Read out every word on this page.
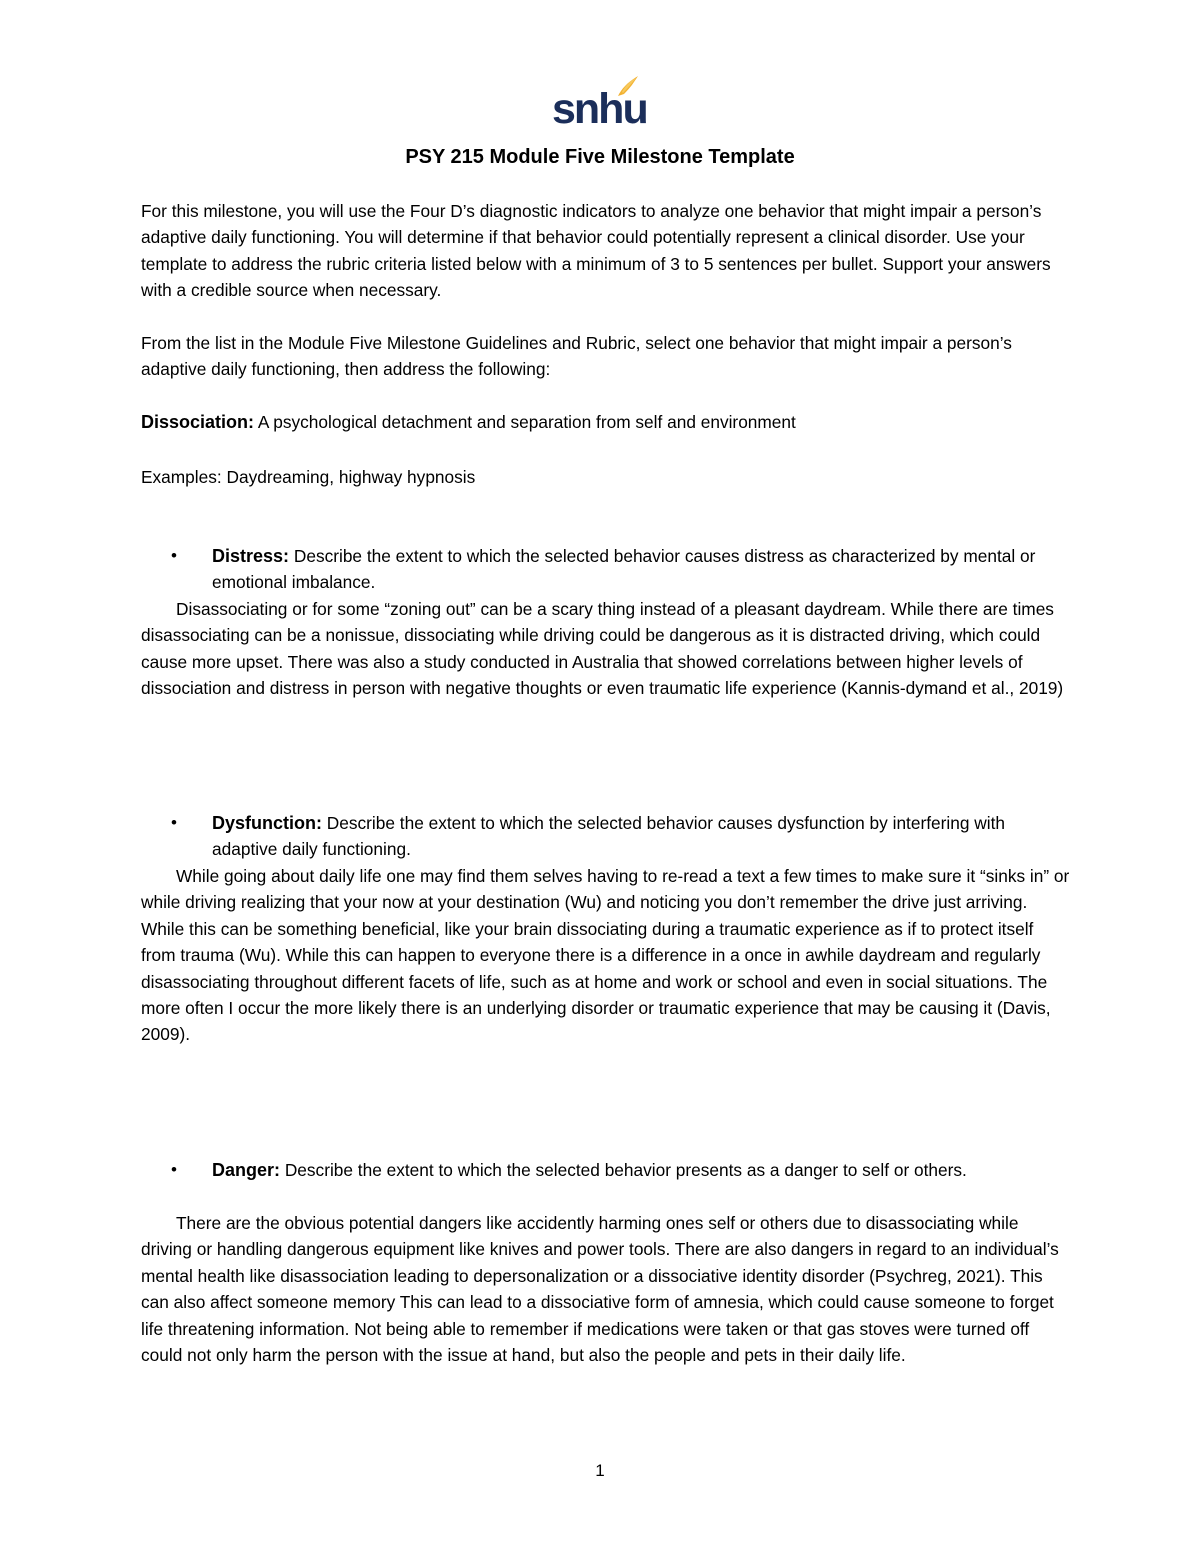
snhu
PSY 215 Module Five Milestone Template

For this milestone, you will use the Four D’s diagnostic indicators to analyze one behavior that might impair a person’s adaptive daily functioning. You will determine if that behavior could potentially represent a clinical disorder. Use your template to address the rubric criteria listed below with a minimum of 3 to 5 sentences per bullet. Support your answers with a credible source when necessary.

From the list in the Module Five Milestone Guidelines and Rubric, select one behavior that might impair a person’s adaptive daily functioning, then address the following:

Dissociation: A psychological detachment and separation from self and environment

Examples: Daydreaming, highway hypnosis

• Distress: Describe the extent to which the selected behavior causes distress as characterized by mental or emotional imbalance.

Disassociating or for some “zoning out” can be a scary thing instead of a pleasant daydream. While there are times disassociating can be a nonissue, dissociating while driving could be dangerous as it is distracted driving, which could cause more upset. There was also a study conducted in Australia that showed correlations between higher levels of dissociation and distress in person with negative thoughts or even traumatic life experience (Kannis-dymand et al., 2019)

• Dysfunction: Describe the extent to which the selected behavior causes dysfunction by interfering with adaptive daily functioning.

While going about daily life one may find them selves having to re-read a text a few times to make sure it “sinks in” or while driving realizing that your now at your destination (Wu) and noticing you don’t remember the drive just arriving. While this can be something beneficial, like your brain dissociating during a traumatic experience as if to protect itself from trauma (Wu). While this can happen to everyone there is a difference in a once in awhile daydream and regularly disassociating throughout different facets of life, such as at home and work or school and even in social situations. The more often I occur the more likely there is an underlying disorder or traumatic experience that may be causing it (Davis, 2009).

• Danger: Describe the extent to which the selected behavior presents as a danger to self or others.

There are the obvious potential dangers like accidently harming ones self or others due to disassociating while driving or handling dangerous equipment like knives and power tools. There are also dangers in regard to an individual’s mental health like disassociation leading to depersonalization or a dissociative identity disorder (Psychreg, 2021). This can also affect someone memory This can lead to a dissociative form of amnesia, which could cause someone to forget life threatening information. Not being able to remember if medications were taken or that gas stoves were turned off could not only harm the person with the issue at hand, but also the people and pets in their daily life.

1
